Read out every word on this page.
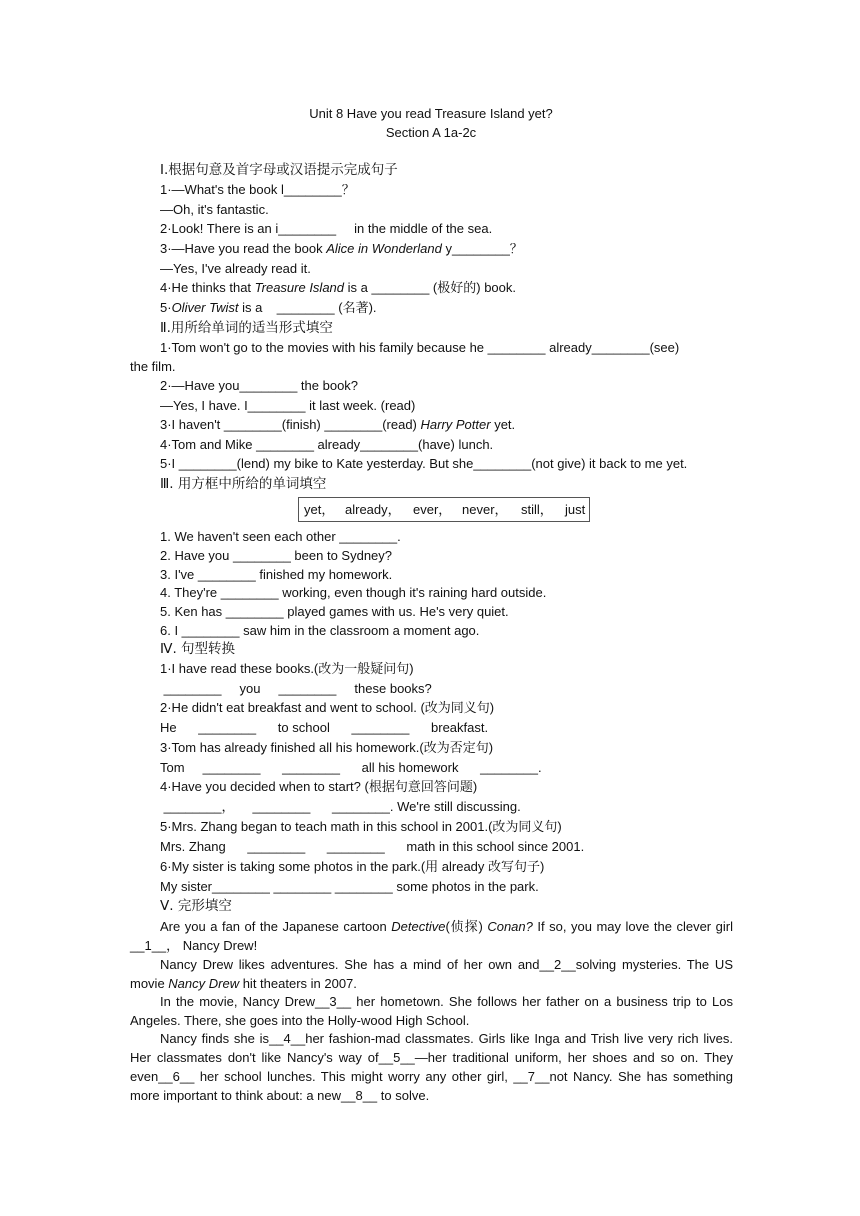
Unit 8 Have you read Treasure Island yet?
Section A 1a-2c
Ⅰ.根据句意及首字母或汉语提示完成句子
1·—What's the book l________？
—Oh, it's fantastic.
2·Look! There is an i________     in the middle of the sea.
3·—Have you read the book Alice in Wonderland y________？
—Yes, I've already read it.
4·He thinks that Treasure Island is a ________ (极好的) book.
5·Oliver Twist is a    ________ (名著).
Ⅱ.用所给单词的适当形式填空
1·Tom won't go to the movies with his family because he ________ already________(see)
the film.
2·—Have you________ the book?
—Yes, I have. I________ it last week. (read)
3·I haven't ________(finish) ________(read) Harry Potter yet.
4·Tom and Mike ________ already________(have) lunch.
5·I ________(lend) my bike to Kate yesterday. But she________(not give) it back to me yet.
Ⅲ. 用方框中所给的单词填空
yet， already， ever， never， still， just
1. We haven't seen each other ________.
2. Have you ________ been to Sydney?
3. I've ________ finished my homework.
4. They're ________ working, even though it's raining hard outside.
5. Ken has ________ played games with us. He's very quiet.
6. I ________ saw him in the classroom a moment ago.
Ⅳ. 句型转换
1·I have read these books.(改为一般疑问句)
________     you     ________     these books?
2·He didn't eat breakfast and went to school. (改为同义句)
He      ________      to school      ________      breakfast.
3·Tom has already finished all his homework.(改为否定句)
Tom     ________      ________      all his homework      ________.
4·Have you decided when to start? (根据句意回答问题)
________，     ________      ________. We're still discussing.
5·Mrs. Zhang began to teach math in this school in 2001.(改为同义句)
Mrs. Zhang      ________      ________      math in this school since 2001.
6·My sister is taking some photos in the park.(用 already 改写句子)
My sister________ ________ ________ some photos in the park.
Ⅴ. 完形填空
Are you a fan of the Japanese cartoon Detective(侦探) Conan? If so, you may love the clever girl __1__， Nancy Drew!
Nancy Drew likes adventures. She has a mind of her own and__2__solving mysteries. The US movie Nancy Drew hit theaters in 2007.
In the movie, Nancy Drew__3__ her hometown. She follows her father on a business trip to Los Angeles. There, she goes into the Holly-wood High School.
Nancy finds she is__4__her fashion-mad classmates. Girls like Inga and Trish live very rich lives. Her classmates don't like Nancy's way of__5__—her traditional uniform, her shoes and so on. They even__6__ her school lunches. This might worry any other girl, __7__not Nancy. She has something more important to think about: a new__8__ to solve.
